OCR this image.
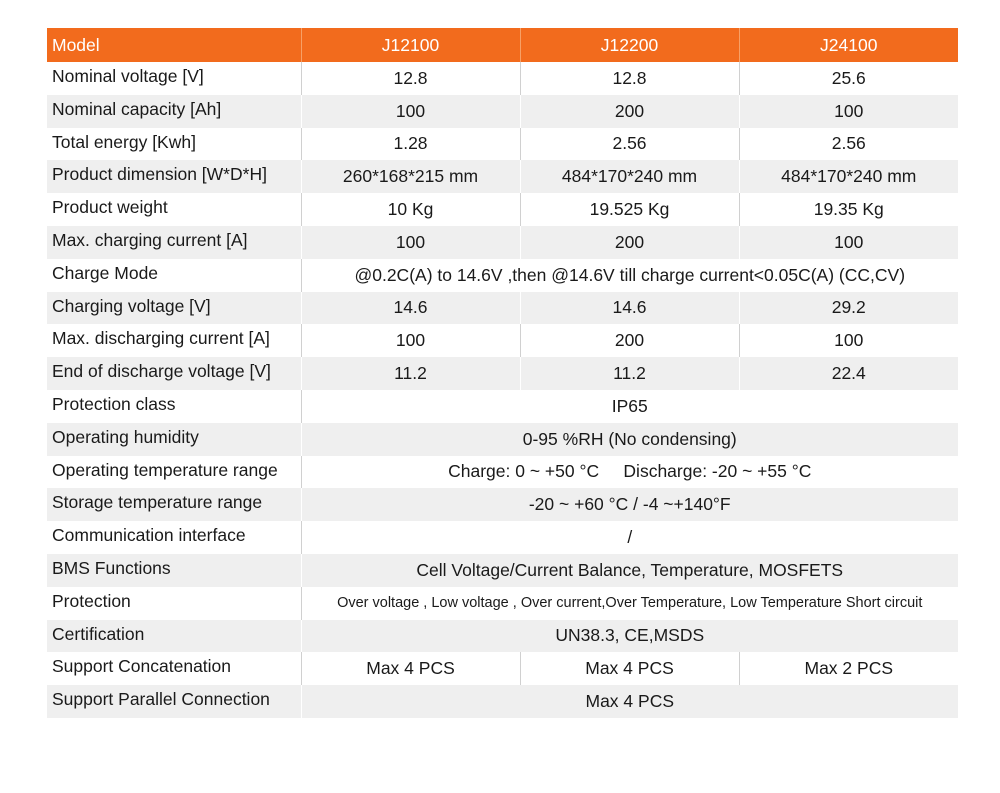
Model	J12100	J12200	J24100
Nominal voltage [V]	12.8	12.8	25.6
Nominal capacity [Ah]	100	200	100
Total energy [Kwh]	1.28	2.56	2.56
Product dimension [W*D*H]	260*168*215 mm	484*170*240 mm	484*170*240 mm
Product weight	10 Kg	19.525 Kg	19.35 Kg
Max. charging current [A]	100	200	100
Charge Mode	@0.2C(A) to 14.6V ,then @14.6V till charge current<0.05C(A) (CC,CV)		
Charging voltage [V]	14.6	14.6	29.2
Max. discharging current [A]	100	200	100
End of discharge voltage [V]	11.2	11.2	22.4
Protection class	IP65		
Operating humidity	0-95 %RH (No condensing)		
Operating temperature range	Charge: 0 ~ +50 °C     Discharge: -20 ~ +55 °C		
Storage temperature range	-20 ~ +60 °C / -4 ~+140°F		
Communication interface	/		
BMS Functions	Cell Voltage/Current Balance, Temperature, MOSFETS		
Protection	Over voltage , Low voltage , Over current,Over Temperature, Low Temperature Short circuit		
Certification	UN38.3, CE,MSDS		
Support Concatenation	Max 4 PCS	Max 4 PCS	Max 2 PCS
Support Parallel Connection	Max 4 PCS		
